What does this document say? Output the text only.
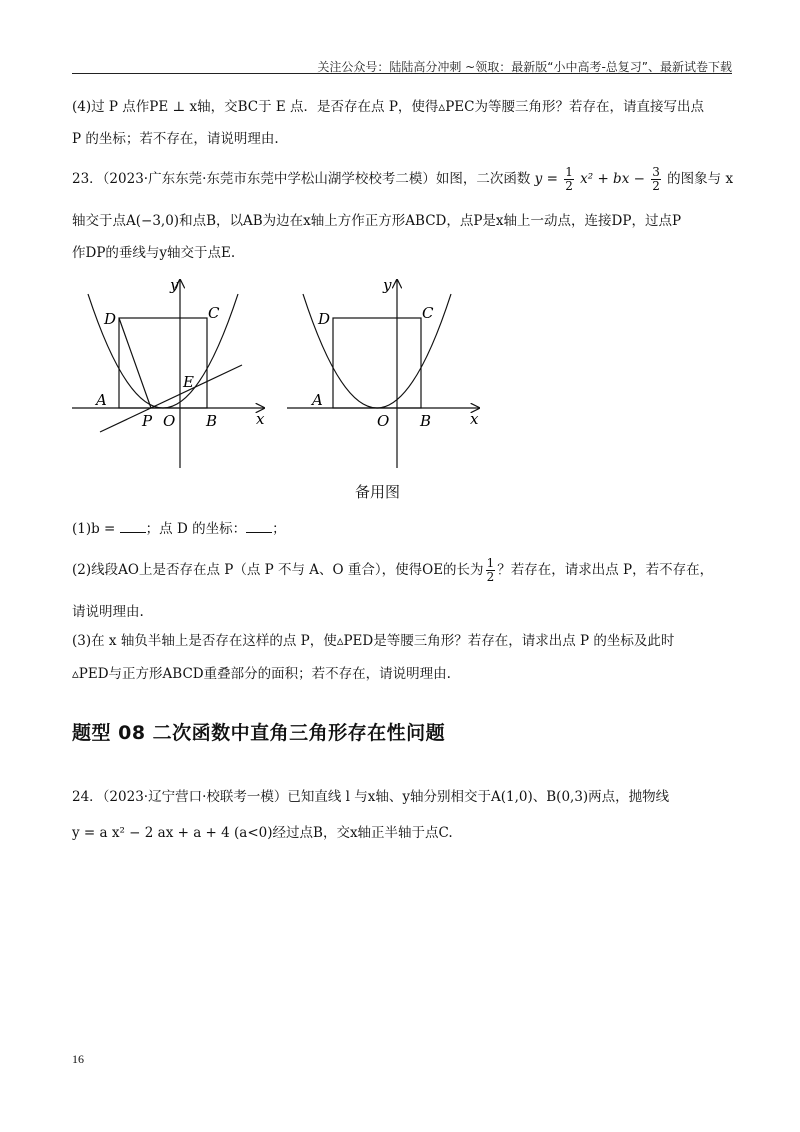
关注公众号：陆陆高分冲刺 ~领取：最新版“小中高考-总复习”、最新试卷下载
(4)过 P 点作PE ⊥ x轴，交BC于 E 点．是否存在点 P，使得▵PEC为等腰三角形？若存在，请直接写出点
P 的坐标；若不存在，请说明理由.
23．（2023·广东东莞·东莞市东莞中学松山湖学校校考二模）如图，二次函数 $y = \frac{1}{2} x^2$ + bx − $\frac{3}{2}$ 的图象与 x
轴交于点A(−3,0)和点B，以AB为边在x轴上方作正方形ABCD，点P是x轴上一动点，连接DP，过点P
作DP的垂线与y轴交于点E.
y
D	C
E
A
P O B	x
y
D	C
A
O B	x
备用图
(1)b = ；点 D 的坐标： ；
(2)线段AO上是否存在点 P（点 P 不与 A、O 重合），使得OE的长为 $\frac{1}{2}$ ？若存在，请求出点 P，若不存在，
请说明理由.
(3)在 x 轴负半轴上是否存在这样的点 P，使▵PED是等腰三角形？若存在，请求出点 P 的坐标及此时
▵PED与正方形ABCD重叠部分的面积；若不存在，请说明理由.
题型 08 二次函数中直角三角形存在性问题
24．（2023·辽宁营口·校联考一模）已知直线 l 与x轴、y轴分别相交于A(1,0)、B(0,3)两点，抛物线
y = a x² − 2 ax + a + 4 (a<0)经过点B，交x轴正半轴于点C.
16
